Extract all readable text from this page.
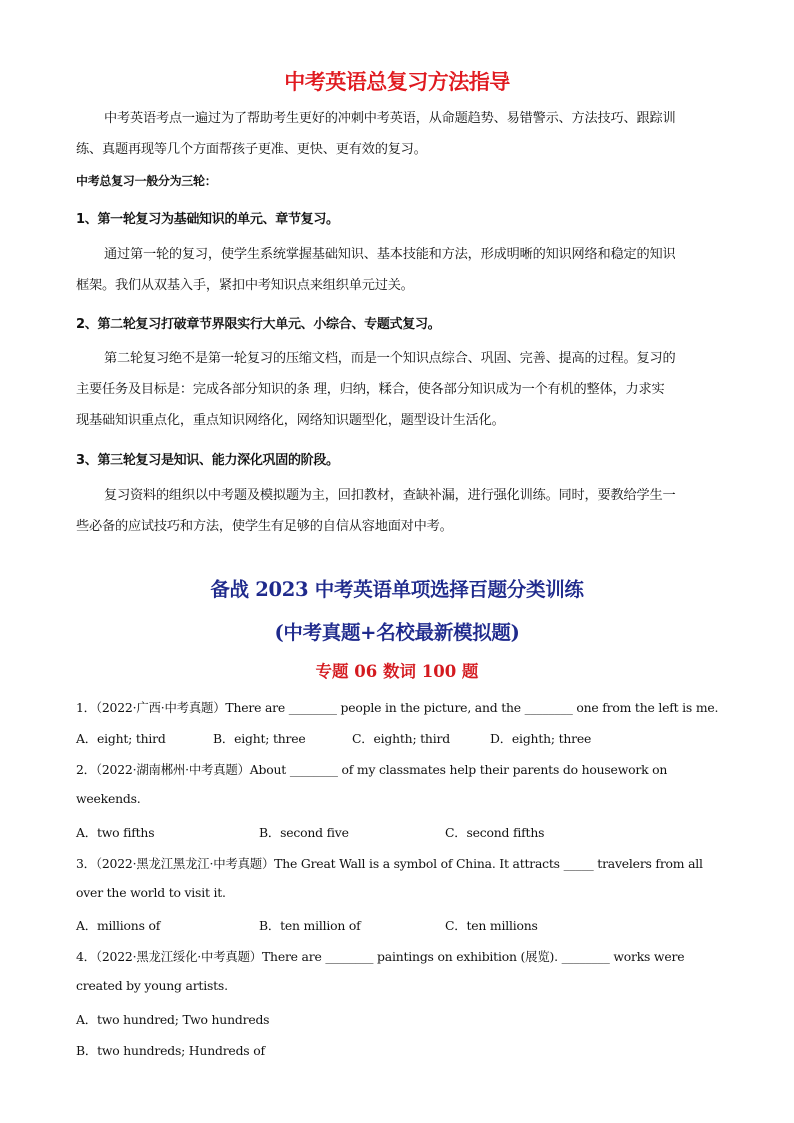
中考英语总复习方法指导
中考英语考点一遍过为了帮助考生更好的冲刺中考英语，从命题趋势、易错警示、方法技巧、跟踪训
练、真题再现等几个方面帮孩子更准、更快、更有效的复习。
中考总复习一般分为三轮：
1、第一轮复习为基础知识的单元、章节复习。
通过第一轮的复习，使学生系统掌握基础知识、基本技能和方法，形成明晰的知识网络和稳定的知识
框架。我们从双基入手，紧扣中考知识点来组织单元过关。
2、第二轮复习打破章节界限实行大单元、小综合、专题式复习。
第二轮复习绝不是第一轮复习的压缩文档，而是一个知识点综合、巩固、完善、提高的过程。复习的
主要任务及目标是：完成各部分知识的条 理，归纳，糅合，使各部分知识成为一个有机的整体，力求实
现基础知识重点化，重点知识网络化，网络知识题型化，题型设计生活化。
3、第三轮复习是知识、能力深化巩固的阶段。
复习资料的组织以中考题及模拟题为主，回扣教材，查缺补漏，进行强化训练。同时，要教给学生一
些必备的应试技巧和方法，使学生有足够的自信从容地面对中考。
备战 2023 中考英语单项选择百题分类训练
(中考真题+名校最新模拟题)
专题 06 数词 100 题
1．（2022·广西·中考真题）There are ________ people in the picture, and the ________ one from the left is me.
A．eight; third	B．eight; three	C．eighth; third	D．eighth; three
2．（2022·湖南郴州·中考真题）About ________ of my classmates help their parents do housework on
weekends.
A．two fifths	B．second five	C．second fifths
3．（2022·黑龙江黑龙江·中考真题）The Great Wall is a symbol of China. It attracts _____ travelers from all
over the world to visit it.
A．millions of	B．ten million of	C．ten millions
4．（2022·黑龙江绥化·中考真题）There are ________ paintings on exhibition (展览). ________ works were
created by young artists.
A．two hundred; Two hundreds
B．two hundreds; Hundreds of
